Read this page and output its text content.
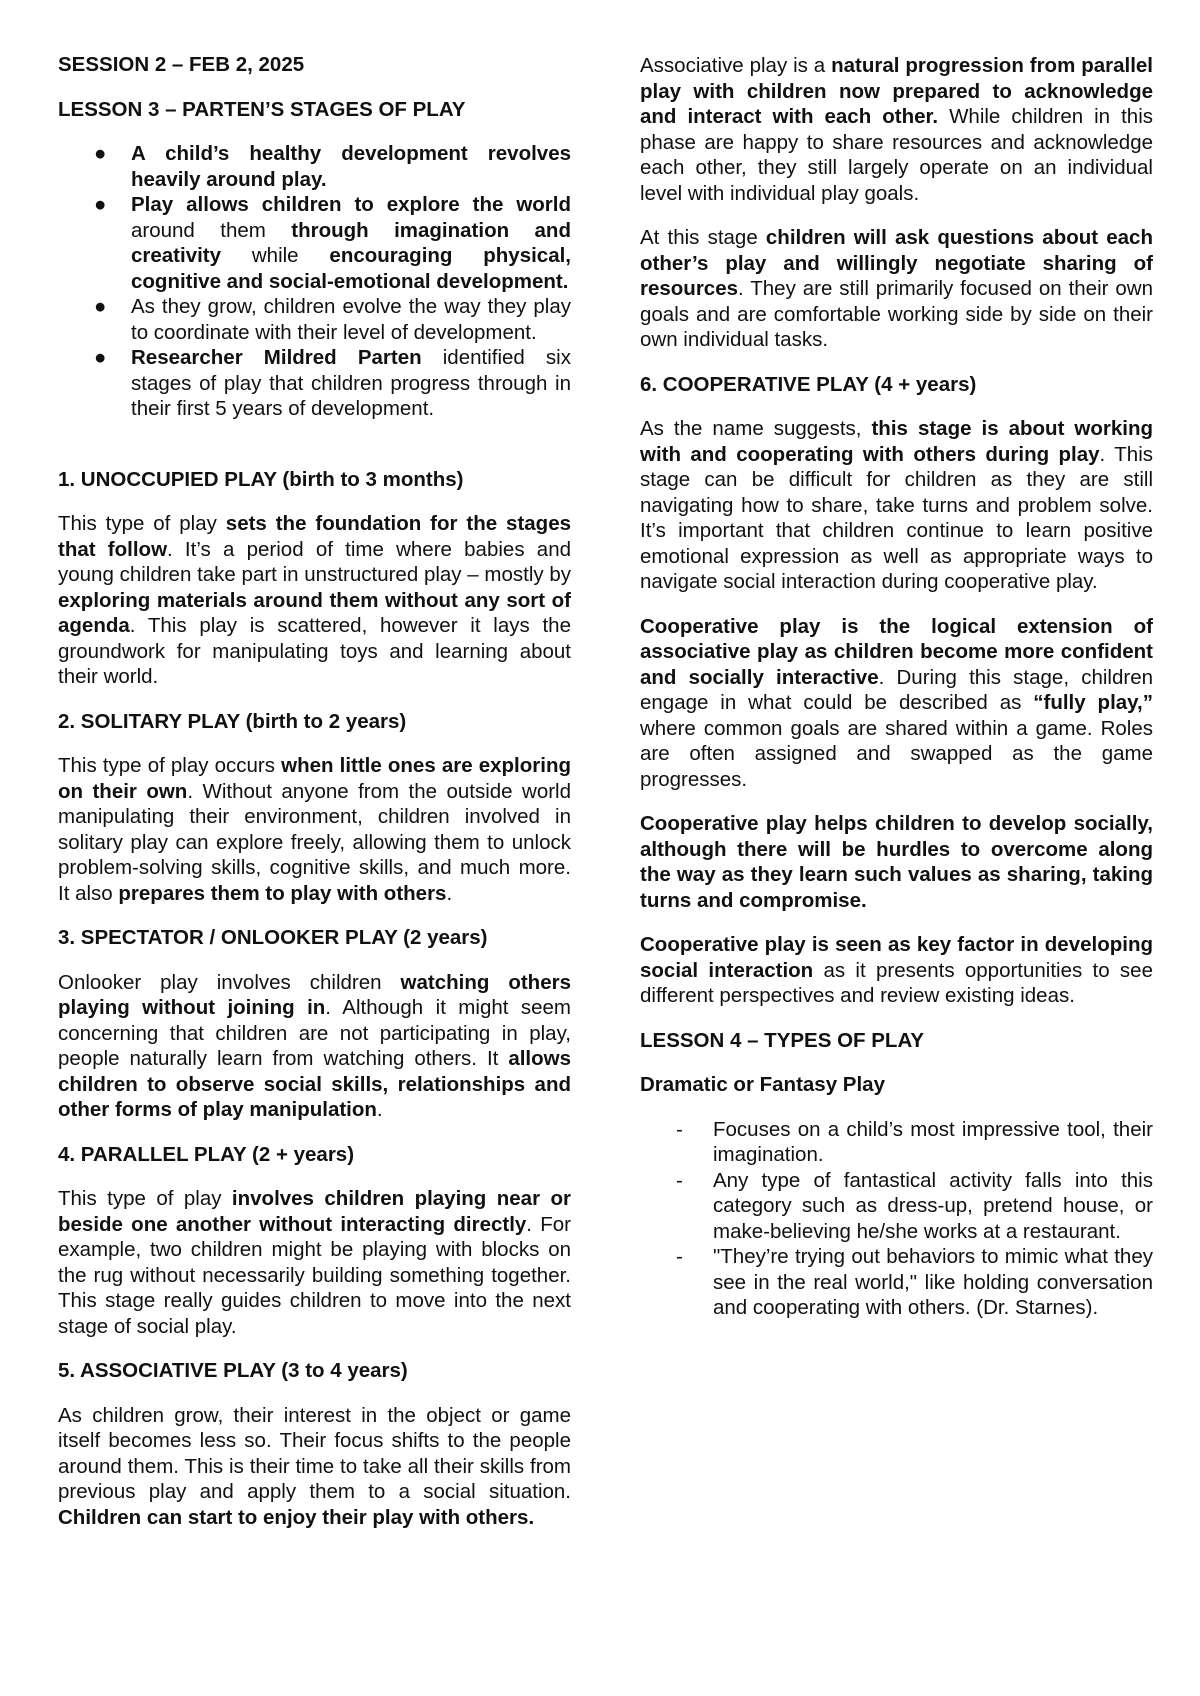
SESSION 2 – FEB 2, 2025
LESSON 3 – PARTEN’S STAGES OF PLAY
● A child’s healthy development revolves heavily around play.
● Play allows children to explore the world around them through imagination and creativity while encouraging physical, cognitive and social-emotional development.
● As they grow, children evolve the way they play to coordinate with their level of development.
● Researcher Mildred Parten identified six stages of play that children progress through in their first 5 years of development.
1. UNOCCUPIED PLAY (birth to 3 months)

This type of play sets the foundation for the stages that follow. It’s a period of time where babies and young children take part in unstructured play – mostly by exploring materials around them without any sort of agenda. This play is scattered, however it lays the groundwork for manipulating toys and learning about their world.

2. SOLITARY PLAY (birth to 2 years)

This type of play occurs when little ones are exploring on their own. Without anyone from the outside world manipulating their environment, children involved in solitary play can explore freely, allowing them to unlock problem-solving skills, cognitive skills, and much more. It also prepares them to play with others.

3. SPECTATOR / ONLOOKER PLAY (2 years)

Onlooker play involves children watching others playing without joining in. Although it might seem concerning that children are not participating in play, people naturally learn from watching others. It allows children to observe social skills, relationships and other forms of play manipulation.

4. PARALLEL PLAY (2 + years)

This type of play involves children playing near or beside one another without interacting directly. For example, two children might be playing with blocks on the rug without necessarily building something together. This stage really guides children to move into the next stage of social play.

5. ASSOCIATIVE PLAY (3 to 4 years)

As children grow, their interest in the object or game itself becomes less so. Their focus shifts to the people around them. This is their time to take all their skills from previous play and apply them to a social situation. Children can start to enjoy their play with others.

Associative play is a natural progression from parallel play with children now prepared to acknowledge and interact with each other. While children in this phase are happy to share resources and acknowledge each other, they still largely operate on an individual level with individual play goals.

At this stage children will ask questions about each other’s play and willingly negotiate sharing of resources. They are still primarily focused on their own goals and are comfortable working side by side on their own individual tasks.

6. COOPERATIVE PLAY (4 + years)

As the name suggests, this stage is about working with and cooperating with others during play. This stage can be difficult for children as they are still navigating how to share, take turns and problem solve. It’s important that children continue to learn positive emotional expression as well as appropriate ways to navigate social interaction during cooperative play.

Cooperative play is the logical extension of associative play as children become more confident and socially interactive. During this stage, children engage in what could be described as “fully play,” where common goals are shared within a game. Roles are often assigned and swapped as the game progresses.

Cooperative play helps children to develop socially, although there will be hurdles to overcome along the way as they learn such values as sharing, taking turns and compromise.

Cooperative play is seen as key factor in developing social interaction as it presents opportunities to see different perspectives and review existing ideas.

LESSON 4 – TYPES OF PLAY
Dramatic or Fantasy Play
- Focuses on a child’s most impressive tool, their imagination.
- Any type of fantastical activity falls into this category such as dress-up, pretend house, or make-believing he/she works at a restaurant.
- "They’re trying out behaviors to mimic what they see in the real world," like holding conversation and cooperating with others. (Dr. Starnes).
